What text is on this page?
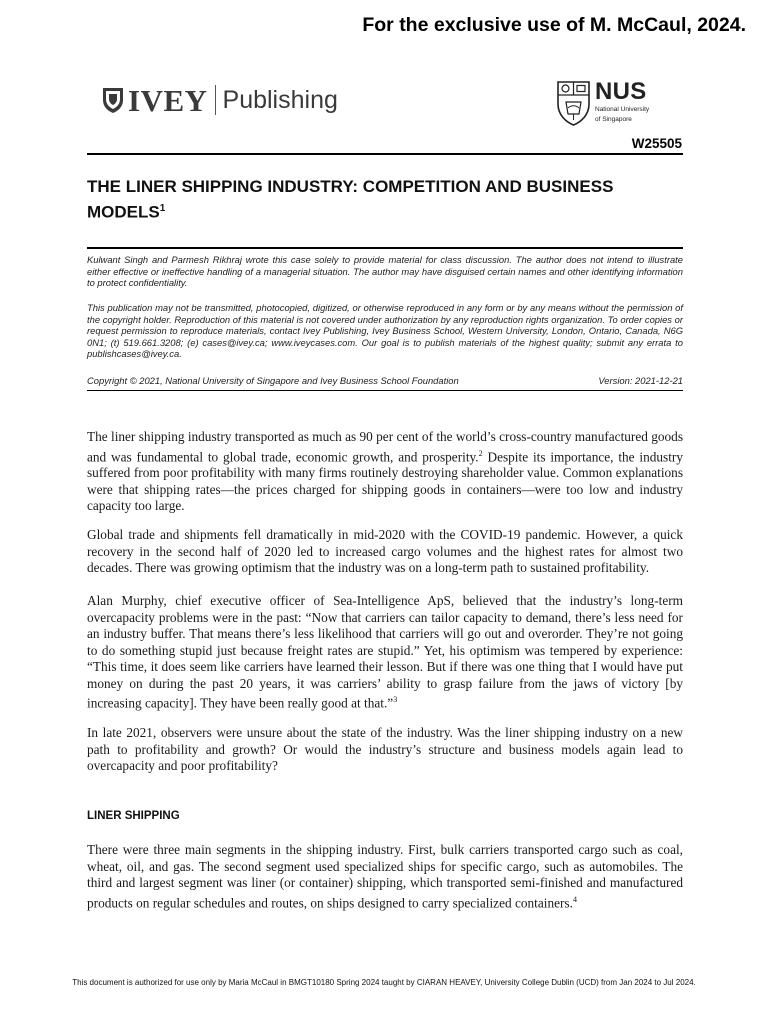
For the exclusive use of M. McCaul, 2024.
IVEY Publishing	NUS
National University
of Singapore
W25505
THE LINER SHIPPING INDUSTRY: COMPETITION AND BUSINESS MODELS$^1$
Kulwant Singh and Parmesh Rikhraj wrote this case solely to provide material for class discussion. The author does not intend to illustrate either effective or ineffective handling of a managerial situation. The author may have disguised certain names and other identifying information to protect confidentiality.
This publication may not be transmitted, photocopied, digitized, or otherwise reproduced in any form or by any means without the permission of the copyright holder. Reproduction of this material is not covered under authorization by any reproduction rights organization. To order copies or request permission to reproduce materials, contact Ivey Publishing, Ivey Business School, Western University, London, Ontario, Canada, N6G 0N1; (t) 519.661.3208; (e) cases@ivey.ca; www.iveycases.com. Our goal is to publish materials of the highest quality; submit any errata to publishcases@ivey.ca.
Copyright © 2021, National University of Singapore and Ivey Business School Foundation	Version: 2021-12-21
The liner shipping industry transported as much as 90 per cent of the world’s cross-country manufactured goods and was fundamental to global trade, economic growth, and prosperity.$^2$ Despite its importance, the industry suffered from poor profitability with many firms routinely destroying shareholder value. Common explanations were that shipping rates—the prices charged for shipping goods in containers—were too low and industry capacity too large.
Global trade and shipments fell dramatically in mid-2020 with the COVID-19 pandemic. However, a quick recovery in the second half of 2020 led to increased cargo volumes and the highest rates for almost two decades. There was growing optimism that the industry was on a long-term path to sustained profitability.
Alan Murphy, chief executive officer of Sea-Intelligence ApS, believed that the industry’s long-term overcapacity problems were in the past: “Now that carriers can tailor capacity to demand, there’s less need for an industry buffer. That means there’s less likelihood that carriers will go out and overorder. They’re not going to do something stupid just because freight rates are stupid.” Yet, his optimism was tempered by experience: “This time, it does seem like carriers have learned their lesson. But if there was one thing that I would have put money on during the past 20 years, it was carriers’ ability to grasp failure from the jaws of victory [by increasing capacity]. They have been really good at that.”$^3$
In late 2021, observers were unsure about the state of the industry. Was the liner shipping industry on a new path to profitability and growth? Or would the industry’s structure and business models again lead to overcapacity and poor profitability?
LINER SHIPPING
There were three main segments in the shipping industry. First, bulk carriers transported cargo such as coal, wheat, oil, and gas. The second segment used specialized ships for specific cargo, such as automobiles. The third and largest segment was liner (or container) shipping, which transported semi-finished and manufactured products on regular schedules and routes, on ships designed to carry specialized containers.$^4$
This document is authorized for use only by Maria McCaul in BMGT10180 Spring 2024 taught by CIARAN HEAVEY, University College Dublin (UCD) from Jan 2024 to Jul 2024.
